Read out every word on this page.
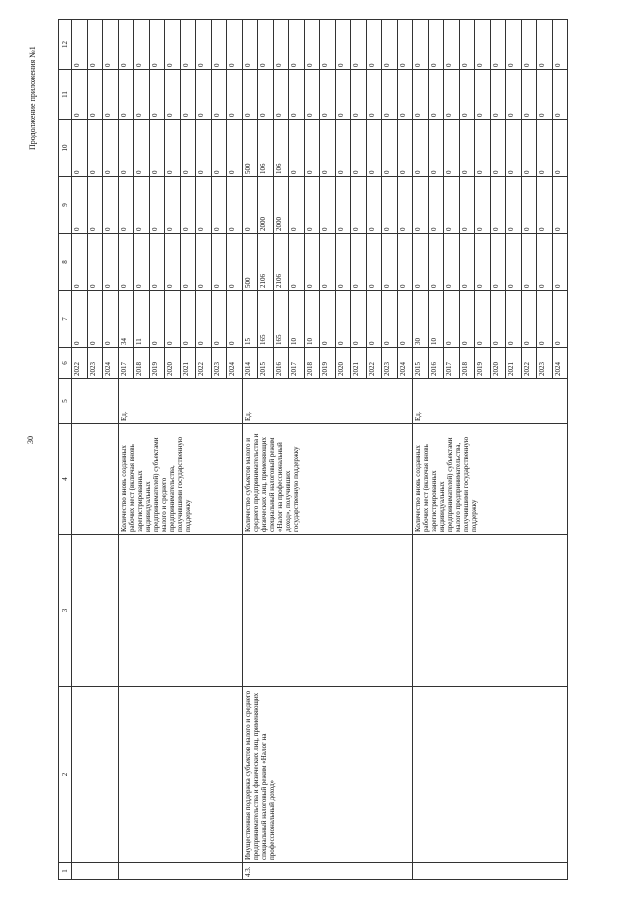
30
Продолжение приложения №1
1	2	3	4	5	6	7	8	9	10	11	12
					2022	0	0	0	0	0	0
					2023	0	0	0	0	0	0
					2024	0	0	0	0	0	0
			Количество вновь созданных рабочих мест (включая вновь зарегистрированных индивидуальных предпринимателей) субъектами малого и среднего предпринимательства, получившими государственную поддержку	Ед.	2017	34	0	0	0	0	0
					2018	11	0	0	0	0	0
					2019	0	0	0	0	0	0
					2020	0	0	0	0	0	0
					2021	0	0	0	0	0	0
					2022	0	0	0	0	0	0
					2023	0	0	0	0	0	0
					2024	0	0	0	0	0	0
4.3.	Имущественная поддержка субъектов малого и среднего предпринимательства и физических лиц, применяющих специальный налоговый режим «Налог на профессиональный доход»		Количество субъектов малого и среднего предпринимательства и физических лиц, применяющих специальный налоговый режим «Налог на профессиональный доход», получивших государственную поддержку	Ед.	2014	15	500	0	500	0	0
					2015	165	2106	2000	106	0	0
					2016	165	2106	2000	106	0	0
					2017	10	0	0	0	0	0
					2018	10	0	0	0	0	0
					2019	0	0	0	0	0	0
					2020	0	0	0	0	0	0
					2021	0	0	0	0	0	0
					2022	0	0	0	0	0	0
					2023	0	0	0	0	0	0
					2024	0	0	0	0	0	0
			Количество вновь созданных рабочих мест (включая вновь зарегистрированных индивидуальных предпринимателей) субъектами малого предпринимательства, получившими государственную поддержку	Ед.	2015	30	0	0	0	0	0
					2016	10	0	0	0	0	0
					2017	0	0	0	0	0	0
					2018	0	0	0	0	0	0
					2019	0	0	0	0	0	0
					2020	0	0	0	0	0	0
					2021	0	0	0	0	0	0
					2022	0	0	0	0	0	0
					2023	0	0	0	0	0	0
					2024	0	0	0	0	0	0
